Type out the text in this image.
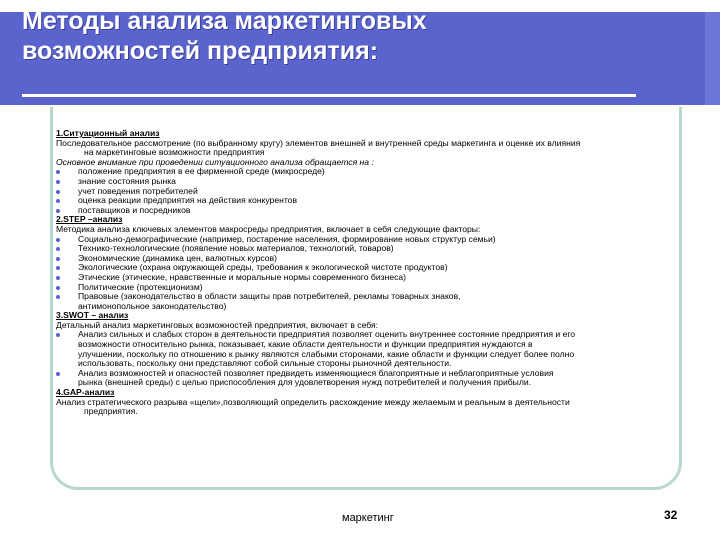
Методы анализа маркетинговых
возможностей предприятия:

1.Ситуационный анализ

Последовательное рассмотрение (по выбранному кругу) элементов внешней и внутренней среды маркетинга и оценке их влияния

на маркетинговые возможности предприятия

Основное внимание при проведении ситуационного анализа обращается на :

положение предприятия в ее фирменной среде (микросреде)
знание состояния рынка
учет поведения потребителей
оценка реакции предприятия на действия конкурентов
поставщиков и посредников

2.STEP –анализ

Методика анализа ключевых элементов макросреды предприятия, включает в себя следующие факторы:

Социально-демографические (например, постарение населения, формирование новых структур семьи)
Технико-технологические (появление новых материалов, технологий, товаров)
Экономические (динамика цен, валютных курсов)
Экологические (охрана окружающей среды, требования к экологической чистоте продуктов)
Этические (этические, нравственные и моральные нормы современного бизнеса)
Политические (протекционизм)
Правовые (законодательство в области защиты прав потребителей, рекламы товарных знаков,
антимонопольное законодательство)

3.SWOT – анализ

Детальный анализ маркетинговых возможностей предприятия, включает в себя:

Анализ сильных и слабых сторон в деятельности предприятия позволяет оценить внутреннее состояние предприятия и его
возможности относительно рынка, показывает, какие области деятельности и функции предприятия нуждаются в
улучшении, поскольку по отношению к рынку являются слабыми сторонами, какие области и функции следует более полно
использовать, поскольку они представляют собой сильные стороны рыночной деятельности.
Анализ возможностей и опасностей позволяет предвидеть изменяющиеся благоприятные и неблагоприятные условия
рынка (внешней среды) с целью приспособления для удовлетворения нужд потребителей и получения прибыли.

4.GAP-анализ

Анализ стратегического разрыва «щели»,позволяющий определить расхождение между желаемым и реальным в деятельности

предприятия.

маркетинг	32
